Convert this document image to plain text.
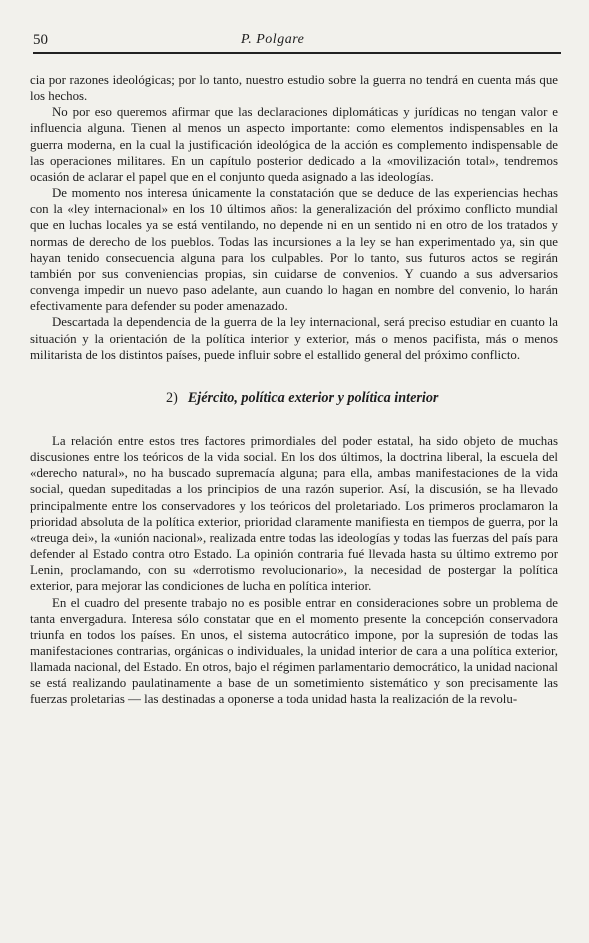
50	P. Polgare

cia por razones ideológicas; por lo tanto, nuestro estudio sobre la guerra no tendrá en cuenta más que los hechos.

No por eso queremos afirmar que las declaraciones diplomáticas y jurídicas no tengan valor e influencia alguna. Tienen al menos un aspecto importante: como elementos indispensables en la guerra moderna, en la cual la justificación ideológica de la acción es complemento indispensable de las operaciones militares. En un capítulo posterior dedicado a la «movilización total», tendremos ocasión de aclarar el papel que en el conjunto queda asignado a las ideologías.

De momento nos interesa únicamente la constatación que se deduce de las experiencias hechas con la «ley internacional» en los 10 últimos años: la generalización del próximo conflicto mundial que en luchas locales ya se está ventilando, no depende ni en un sentido ni en otro de los tratados y normas de derecho de los pueblos. Todas las incursiones a la ley se han experimentado ya, sin que hayan tenido consecuencia alguna para los culpables. Por lo tanto, sus futuros actos se regirán también por sus conveniencias propias, sin cuidarse de convenios. Y cuando a sus adversarios convenga impedir un nuevo paso adelante, aun cuando lo hagan en nombre del convenio, lo harán efectivamente para defender su poder amenazado.

Descartada la dependencia de la guerra de la ley internacional, será preciso estudiar en cuanto la situación y la orientación de la política interior y exterior, más o menos pacifista, más o menos militarista de los distintos países, puede influir sobre el estallido general del próximo conflicto.

2) Ejército, política exterior y política interior

La relación entre estos tres factores primordiales del poder estatal, ha sido objeto de muchas discusiones entre los teóricos de la vida social. En los dos últimos, la doctrina liberal, la escuela del «derecho natural», no ha buscado supremacía alguna; para ella, ambas manifestaciones de la vida social, quedan supeditadas a los principios de una razón superior. Así, la discusión, se ha llevado principalmente entre los conservadores y los teóricos del proletariado. Los primeros proclamaron la prioridad absoluta de la política exterior, prioridad claramente manifiesta en tiempos de guerra, por la «treuga dei», la «unión nacional», realizada entre todas las ideologías y todas las fuerzas del país para defender al Estado contra otro Estado. La opinión contraria fué llevada hasta su último extremo por Lenin, proclamando, con su «derrotismo revolucionario», la necesidad de postergar la política exterior, para mejorar las condiciones de lucha en política interior.

En el cuadro del presente trabajo no es posible entrar en consideraciones sobre un problema de tanta envergadura. Interesa sólo constatar que en el momento presente la concepción conservadora triunfa en todos los países. En unos, el sistema autocrático impone, por la supresión de todas las manifestaciones contrarias, orgánicas o individuales, la unidad interior de cara a una política exterior, llamada nacional, del Estado. En otros, bajo el régimen parlamentario democrático, la unidad nacional se está realizando paulatinamente a base de un sometimiento sistemático y son precisamente las fuerzas proletarias — las destinadas a oponerse a toda unidad hasta la realización de la revolu-
